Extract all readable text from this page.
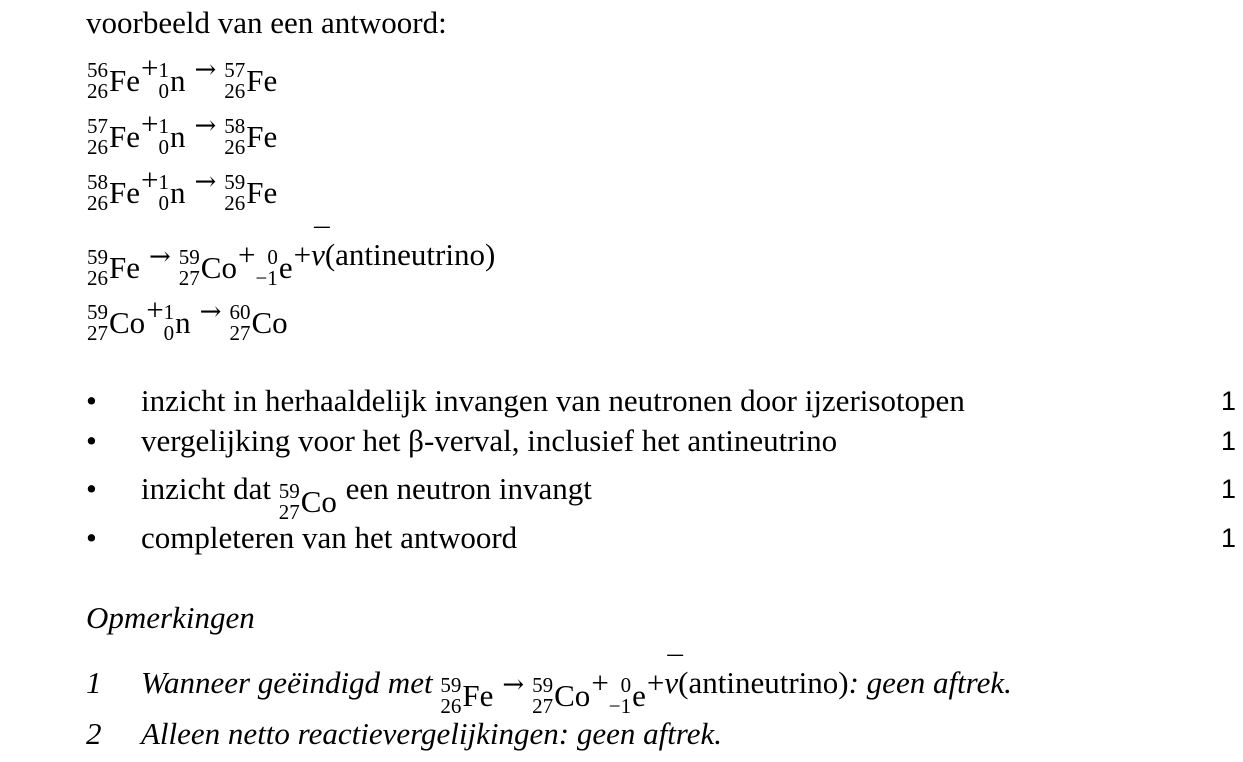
voorbeeld van een antwoord:
56
26 Fe+ 1
0 n → 57
26 Fe
57
26 Fe+ 1
0 n → 58
26 Fe
58
26 Fe+ 1
0 n → 59
26 Fe
59
26 Fe → 59
27 Co+ 0
−1 e+¯ ν(antineutrino)
59
27 Co+ 1
0 n → 60
27 Co
• inzicht in herhaaldelijk invangen van neutronen door ijzerisotopen	1
• vergelijking voor het β-verval, inclusief het antineutrino	1
• inzicht dat 59
27 Co een neutron invangt	1
• completeren van het antwoord	1
Opmerkingen
1 Wanneer geëindigd met 59
26 Fe → 59
27 Co+ 0
−1 e+¯ ν(antineutrino): geen aftrek.
2 Alleen netto reactievergelijkingen: geen aftrek.
